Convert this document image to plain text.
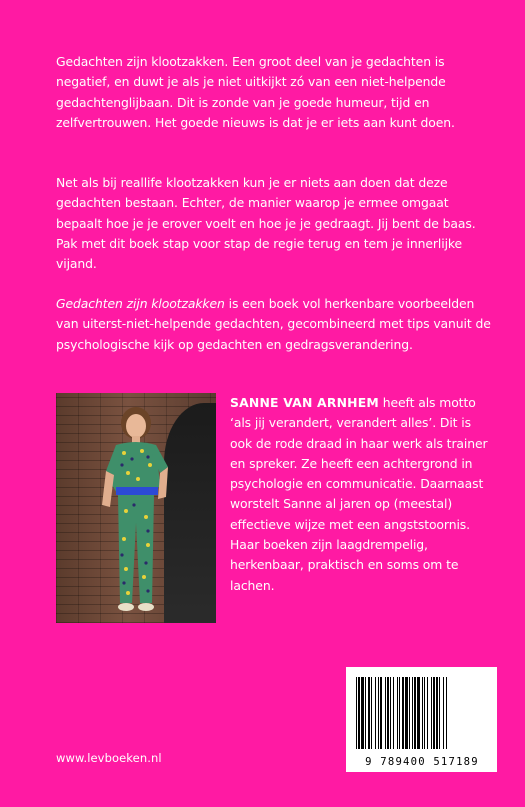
Gedachten zijn klootzakken. Een groot deel van je gedachten is negatief, en duwt je als je niet uitkijkt zó van een niet-helpende gedachtenglijbaan. Dit is zonde van je goede humeur, tijd en zelfvertrouwen. Het goede nieuws is dat je er iets aan kunt doen.

Net als bij reallife klootzakken kun je er niets aan doen dat deze gedachten bestaan. Echter, de manier waarop je ermee omgaat bepaalt hoe je je erover voelt en hoe je je gedraagt. Jij bent de baas. Pak met dit boek stap voor stap de regie terug en tem je innerlijke vijand.

Gedachten zijn klootzakken is een boek vol herkenbare voorbeelden van uiterst-niet-helpende gedachten, gecombineerd met tips vanuit de psychologische kijk op gedachten en gedragsverandering.

SANNE VAN ARNHEM heeft als motto ‘als jij verandert, verandert alles’. Dit is ook de rode draad in haar werk als trainer en spreker. Ze heeft een achtergrond in psychologie en communicatie. Daarnaast worstelt Sanne al jaren op (meestal) effectieve wijze met een angststoornis. Haar boeken zijn laagdrempelig, herkenbaar, praktisch en soms om te lachen.

9 789400 517189
www.levboeken.nl
